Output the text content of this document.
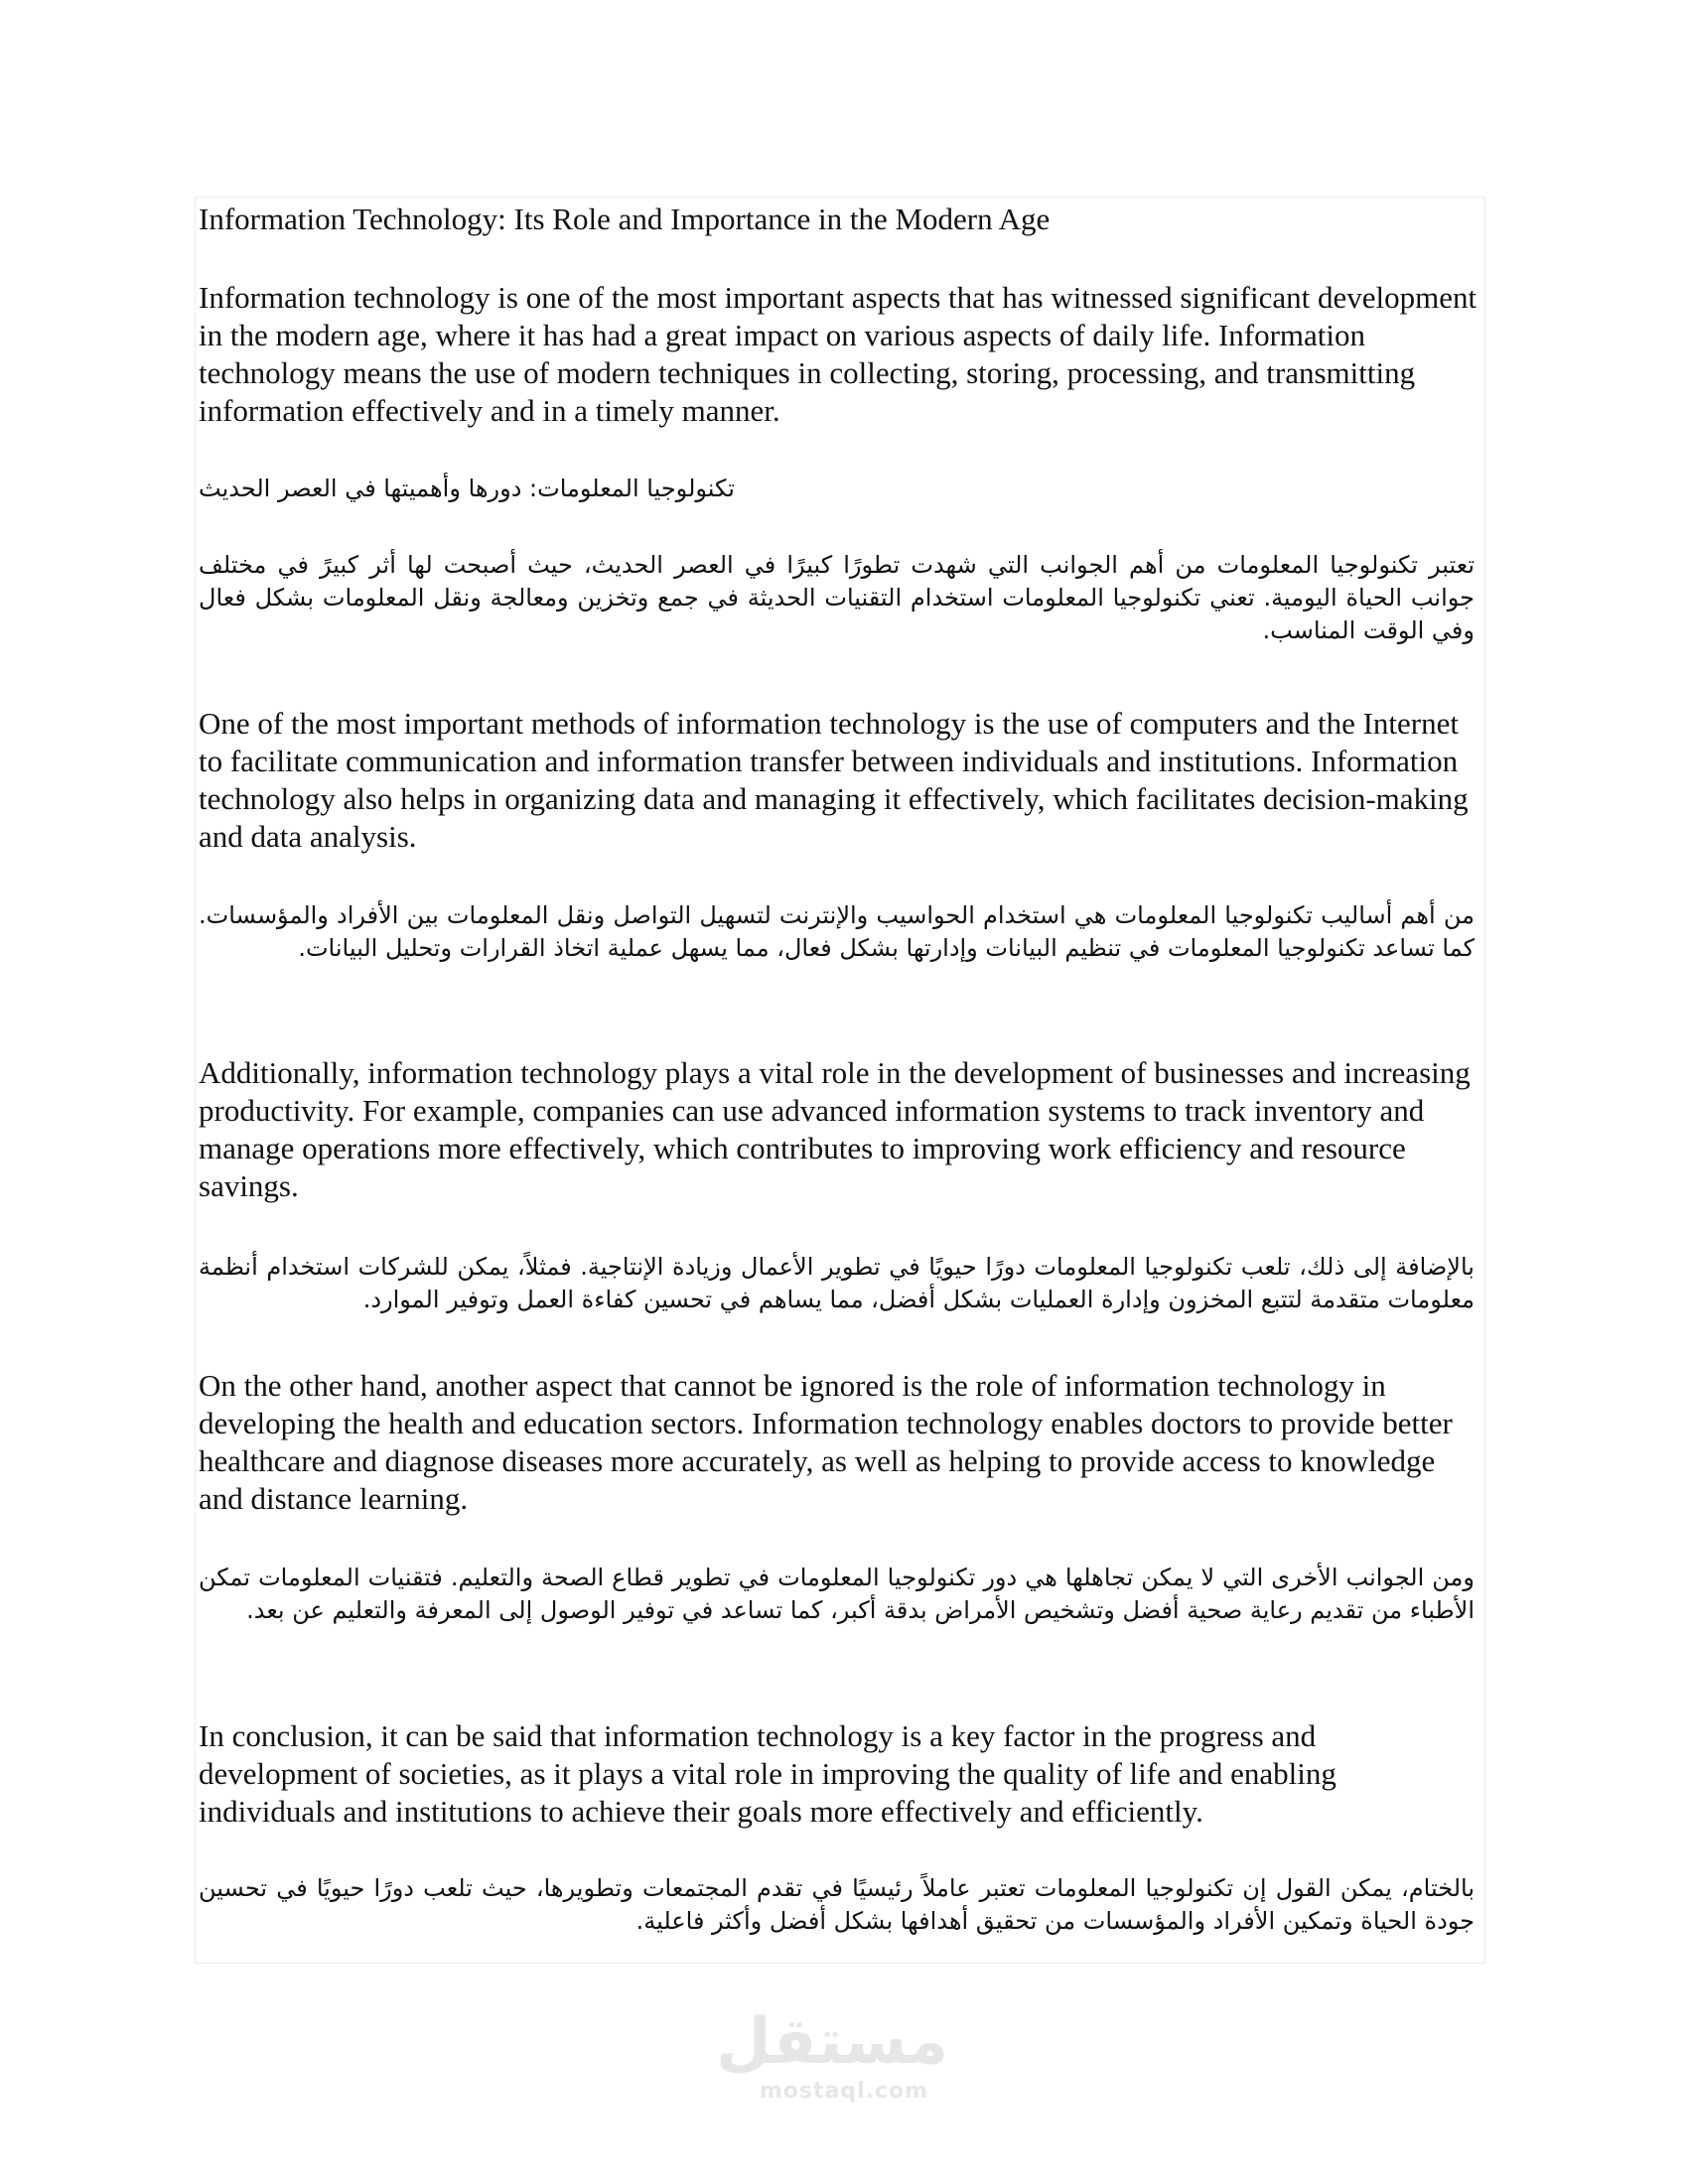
Information Technology: Its Role and Importance in the Modern Age

Information technology is one of the most important aspects that has witnessed significant development in the modern age, where it has had a great impact on various aspects of daily life. Information technology means the use of modern techniques in collecting, storing, processing, and transmitting information effectively and in a timely manner.

تكنولوجيا المعلومات: دورها وأهميتها في العصر الحديث

تعتبر تكنولوجيا المعلومات من أهم الجوانب التي شهدت تطورًا كبيرًا في العصر الحديث، حيث أصبحت لها أثر كبيرً في مختلف جوانب الحياة اليومية. تعني تكنولوجيا المعلومات استخدام التقنيات الحديثة في جمع وتخزين ومعالجة ونقل المعلومات بشكل فعال وفي الوقت المناسب.

One of the most important methods of information technology is the use of computers and the Internet to facilitate communication and information transfer between individuals and institutions. Information technology also helps in organizing data and managing it effectively, which facilitates decision-making and data analysis.

من أهم أساليب تكنولوجيا المعلومات هي استخدام الحواسيب والإنترنت لتسهيل التواصل ونقل المعلومات بين الأفراد والمؤسسات. كما تساعد تكنولوجيا المعلومات في تنظيم البيانات وإدارتها بشكل فعال، مما يسهل عملية اتخاذ القرارات وتحليل البيانات.

Additionally, information technology plays a vital role in the development of businesses and increasing productivity. For example, companies can use advanced information systems to track inventory and manage operations more effectively, which contributes to improving work efficiency and resource savings.

بالإضافة إلى ذلك، تلعب تكنولوجيا المعلومات دورًا حيويًا في تطوير الأعمال وزيادة الإنتاجية. فمثلاً، يمكن للشركات استخدام أنظمة معلومات متقدمة لتتبع المخزون وإدارة العمليات بشكل أفضل، مما يساهم في تحسين كفاءة العمل وتوفير الموارد.

On the other hand, another aspect that cannot be ignored is the role of information technology in developing the health and education sectors. Information technology enables doctors to provide better healthcare and diagnose diseases more accurately, as well as helping to provide access to knowledge and distance learning.

ومن الجوانب الأخرى التي لا يمكن تجاهلها هي دور تكنولوجيا المعلومات في تطوير قطاع الصحة والتعليم. فتقنيات المعلومات تمكن الأطباء من تقديم رعاية صحية أفضل وتشخيص الأمراض بدقة أكبر، كما تساعد في توفير الوصول إلى المعرفة والتعليم عن بعد.

In conclusion, it can be said that information technology is a key factor in the progress and development of societies, as it plays a vital role in improving the quality of life and enabling individuals and institutions to achieve their goals more effectively and efficiently.

بالختام، يمكن القول إن تكنولوجيا المعلومات تعتبر عاملاً رئيسيًا في تقدم المجتمعات وتطويرها، حيث تلعب دورًا حيويًا في تحسين جودة الحياة وتمكين الأفراد والمؤسسات من تحقيق أهدافها بشكل أفضل وأكثر فاعلية.

مستقل
mostaql.com
